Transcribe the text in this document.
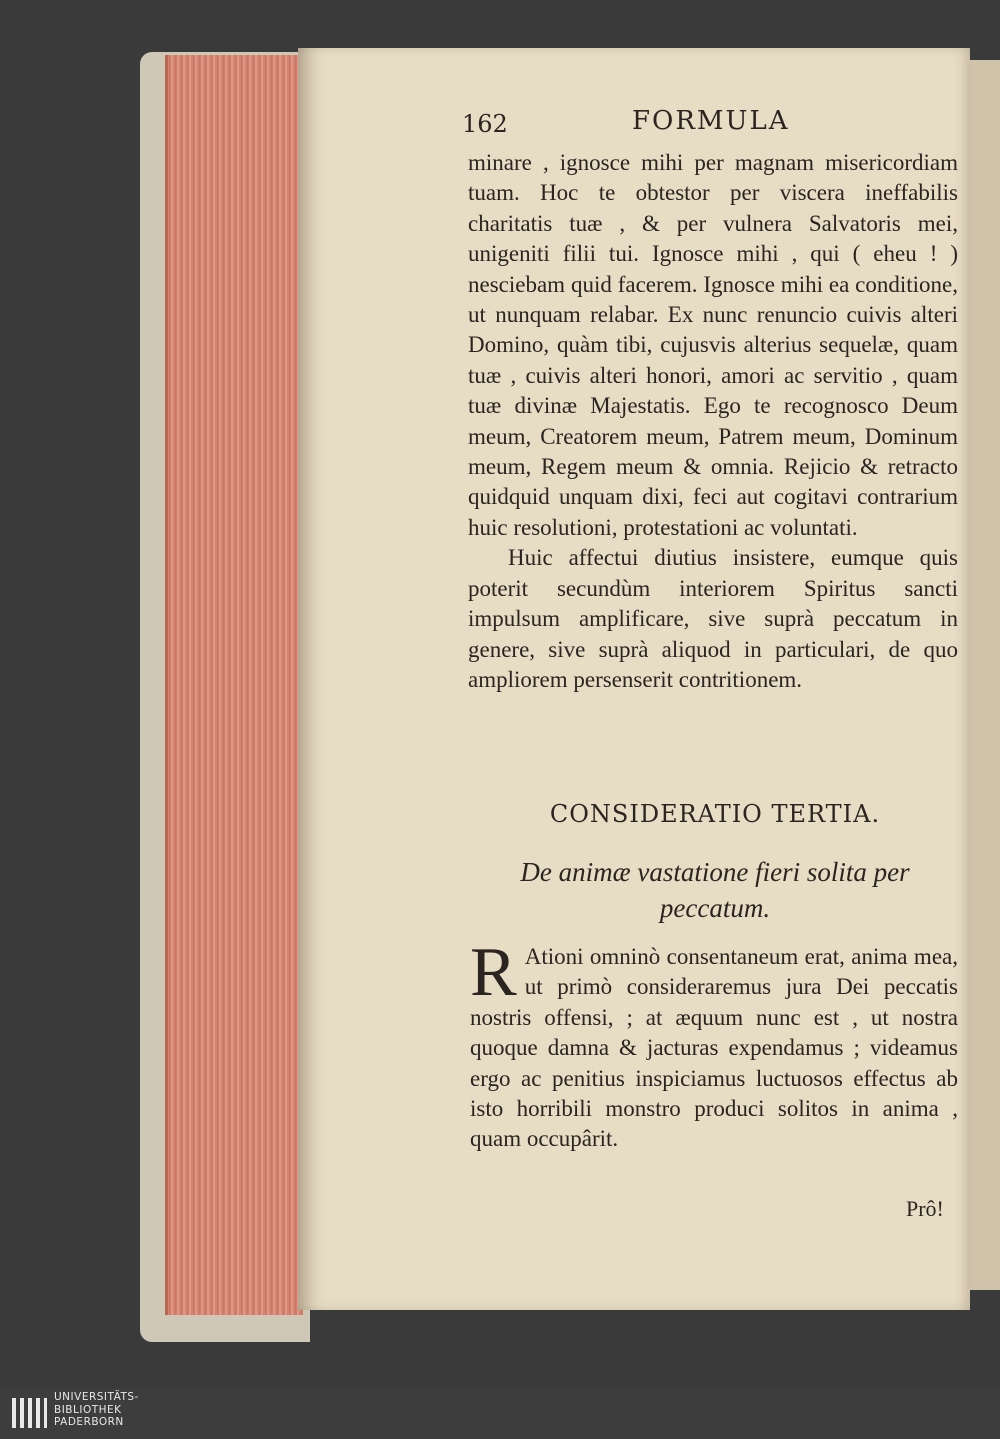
162	FORMULA

minare , ignosce mihi per magnam misericordiam tuam. Hoc te obtestor per viscera ineffabilis charitatis tuæ , & per vulnera Salvatoris mei, unigeniti filii tui. Ignosce mihi , qui ( eheu ! ) nesciebam quid facerem. Ignosce mihi ea conditione, ut nunquam relabar. Ex nunc renuncio cuivis alteri Domino, quàm tibi, cujusvis alterius sequelæ, quam tuæ , cuivis alteri honori, amori ac servitio , quam tuæ divinæ Majestatis. Ego te recognosco Deum meum, Creatorem meum, Patrem meum, Dominum meum, Regem meum & omnia. Rejicio & retracto quidquid unquam dixi, feci aut cogitavi contrarium huic resolutioni, protestationi ac voluntati.

Huic affectui diutius insistere, eumque quis poterit secundùm interiorem Spiritus sancti impulsum amplificare, sive suprà peccatum in genere, sive suprà aliquod in particulari, de quo ampliorem persenserit contritionem.

CONSIDERATIO TERTIA.
De animæ vastatione fieri solita per peccatum.
R Ationi omninò consentaneum erat, anima mea, ut primò consideraremus jura Dei peccatis nostris offensi, ; at æquum nunc est , ut nostra quoque damna & jacturas expendamus ; videamus ergo ac penitius inspiciamus luctuosos effectus ab isto horribili monstro produci solitos in anima , quam occupârit.
Prô!
UNIVERSITÄTS-
BIBLIOTHEK
PADERBORN
